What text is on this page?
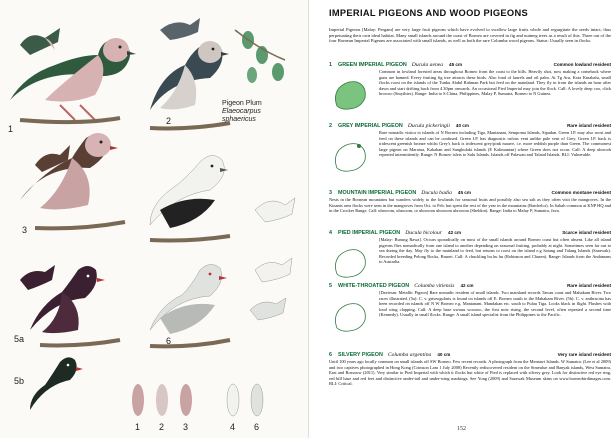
1
2
3
4
5a
5b
6
1 2 3	4 6
Pigeon Plum
Elaeocarpus
sphaericus
IMPERIAL PIGEONS AND WOOD PIGEONS
Imperial Pigeons [Malay: Pergam] are very large fruit pigeons which have evolved to swallow large fruits whole and regurgitate the seeds intact, thus perpetuating their own ideal habitat. Many small islands around the coast of Borneo are covered in fig and nutmeg trees as a result of this. Three out of the four Bornean Imperial Pigeons are associated with small islands, as well as both the rare Columba wood pigeons. Status: Usually seen in flocks.
1	GREEN IMPERIAL PIGEON Ducula aenea 45 cm	Common lowland resident
Common in lowland forested areas throughout Borneo from the coast to the hills. Heavily shot, now making a comeback where guns are banned. Every fruiting fig tree attracts these birds. Also fond of laurels and oil palm. At Tg Aru, Kota Kinabalu, small flocks roost on the islands of the Tunku Abdul Rahman Park but feed on the mainland. They fly in from the islands an hour after dawn and start drifting back from 4.30pm onwards. An occasional Pied Imperial may join the flock. Call: A lovely deep coo, click hrowoo (Smythies). Range: India to S.China, Philippines, Malay P, Sumatra, Borneo to N Guinea.
2	GREY IMPERIAL PIGEON Ducula pickeringii 40 cm	Rare island resident
Rare nomadic visitor to islands of N Borneo including Tiga, Mantanani, Sempoma Islands, Sipadan. Green I.P. may also roost and feed on these islands and can be confused. Green I.P. has diagnostic rufous vent unlike pale vent of Grey. Green I.P. back is iridescent greenish bronze whilst Grey's back is iridescent grey/pink mauve, i.e. more reddish purple than Green. The commonest large pigeon on Maratua, Kakaban and Sangkulaki islands (E Kalimantan) where Green does not occur. Call: A deep uhrrooh repeated intermittently. Range: N Borneo islets to Sulu Islands. Islands off Palawan and Talaud Islands. BLI: Vulnerable.
3	MOUNTAIN IMPERIAL PIGEON Ducula badia 45 cm	Common montane resident
Nests in the Bornean mountains but wanders widely to the lowlands for seasonal fruits and possibly also sea salt as they often visit the mangroves. In the Kinanis area flocks were seen in the mangroves from Oct. to Feb. but spent the rest of the year in the mountains (Batchelor). In Sabah common at KNP HQ and in the Crocker Range. Call: uhrooom, uhrooom, or uhrooom uhrooom uhrooom (Sheldon). Range: India to Malay P, Sumatra, Java.
4	PIED IMPERIAL PIGEON Ducula bicolour 42 cm	Scarce island resident
[Malay: Burung Rawa]. Occurs sporadically on most of the small islands around Borneo coast but often absent. Like all island pigeons flies nomadically from one island to another depending on seasonal fruiting, probably at night. Sometimes seen far out to sea during the day. May fly to the mainland to feed, but returns to roost on the island e.g Satang and Talang Islands (Sarawak). Recorded breeding Pelong Rocks, Brunei. Call: A chuckling hu hu hu (Robinson and Chasen). Range: Islands from the Andamans to Australia.
5	WHITE-THROATED PIGEON Columba vitiensis 42 cm	Rare island resident
[Daviesm: Metallic Pigeon] Rare nomadic resident of small islands. Two mainland records Tawau coast and Mahakam River. Two races illustrated. (5a): C. v. griseogularis is found on islands off E. Borneo south to the Mahakam River. (5b): C. v. anthracina has been recorded on islands off N W Borneo e.g. Mantanani, Mandakan etc. south to Pulau Tiga. Looks black in flight. Flushes with loud wing clapping. Call: A deep base uwuuu wooooo, the first note rising, the second level, often repeated a second time (Kennedy). Usually in small flocks. Range: A small island specialist from the Philippines to the Pacific.
6	SILVERY PIGEON Columba argentina 40 cm	Very rare island resident
Until 100 years ago locally common on small islands off SW Borneo. Few recent records. A photograph from the Mentawi Islands. W Sumatra. (Lee et al 2009) and two captives photographed in Hong Kong (Crimson Lam 1 July 2008) Recently rediscovered resident on the Simeulue and Banyak islands, West Sumatra, East and Rossouw (2011). Very similar to Pied Imperial with which it flocks but white of Pied is replaced with silvery grey. Look for distinctive red eye ring, red bill base and red feet and distinctive under-tail and under-wing markings. See Yong (2009) and Sarawak Museum skins on www.borneobirdimages.com. BLI: Critical.
152
